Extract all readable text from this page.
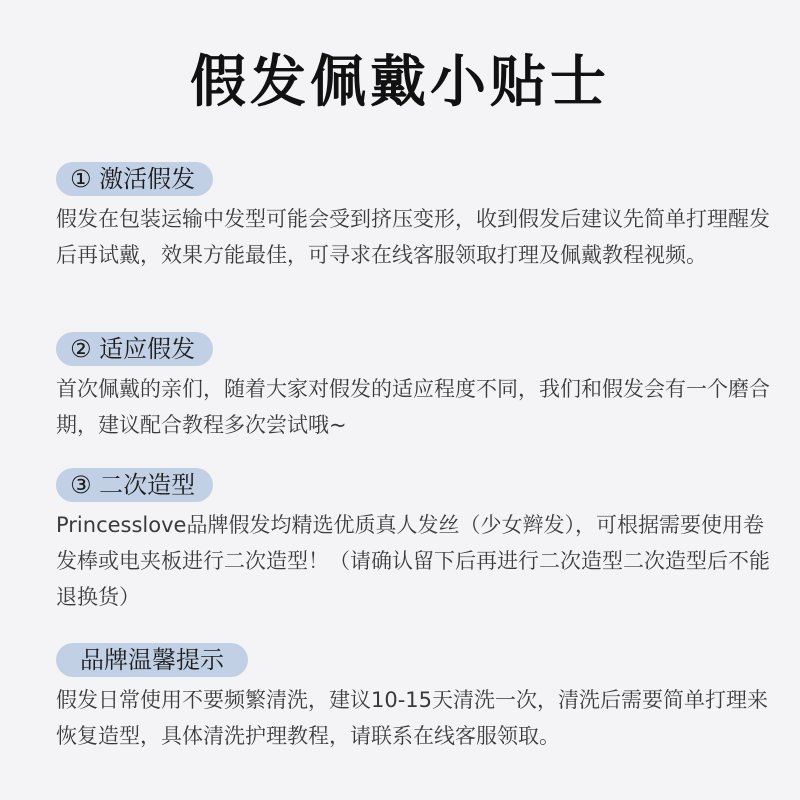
假发佩戴小贴士
① 激活假发
假发在包装运输中发型可能会受到挤压变形，收到假发后建议先简单打理醒发后再试戴，效果方能最佳，可寻求在线客服领取打理及佩戴教程视频。
② 适应假发
首次佩戴的亲们，随着大家对假发的适应程度不同，我们和假发会有一个磨合期，建议配合教程多次尝试哦~
③ 二次造型
Princesslove品牌假发均精选优质真人发丝（少女辫发），可根据需要使用卷发棒或电夹板进行二次造型！（请确认留下后再进行二次造型二次造型后不能退换货）
品牌温馨提示
假发日常使用不要频繁清洗，建议10-15天清洗一次，清洗后需要简单打理来恢复造型，具体清洗护理教程，请联系在线客服领取。
